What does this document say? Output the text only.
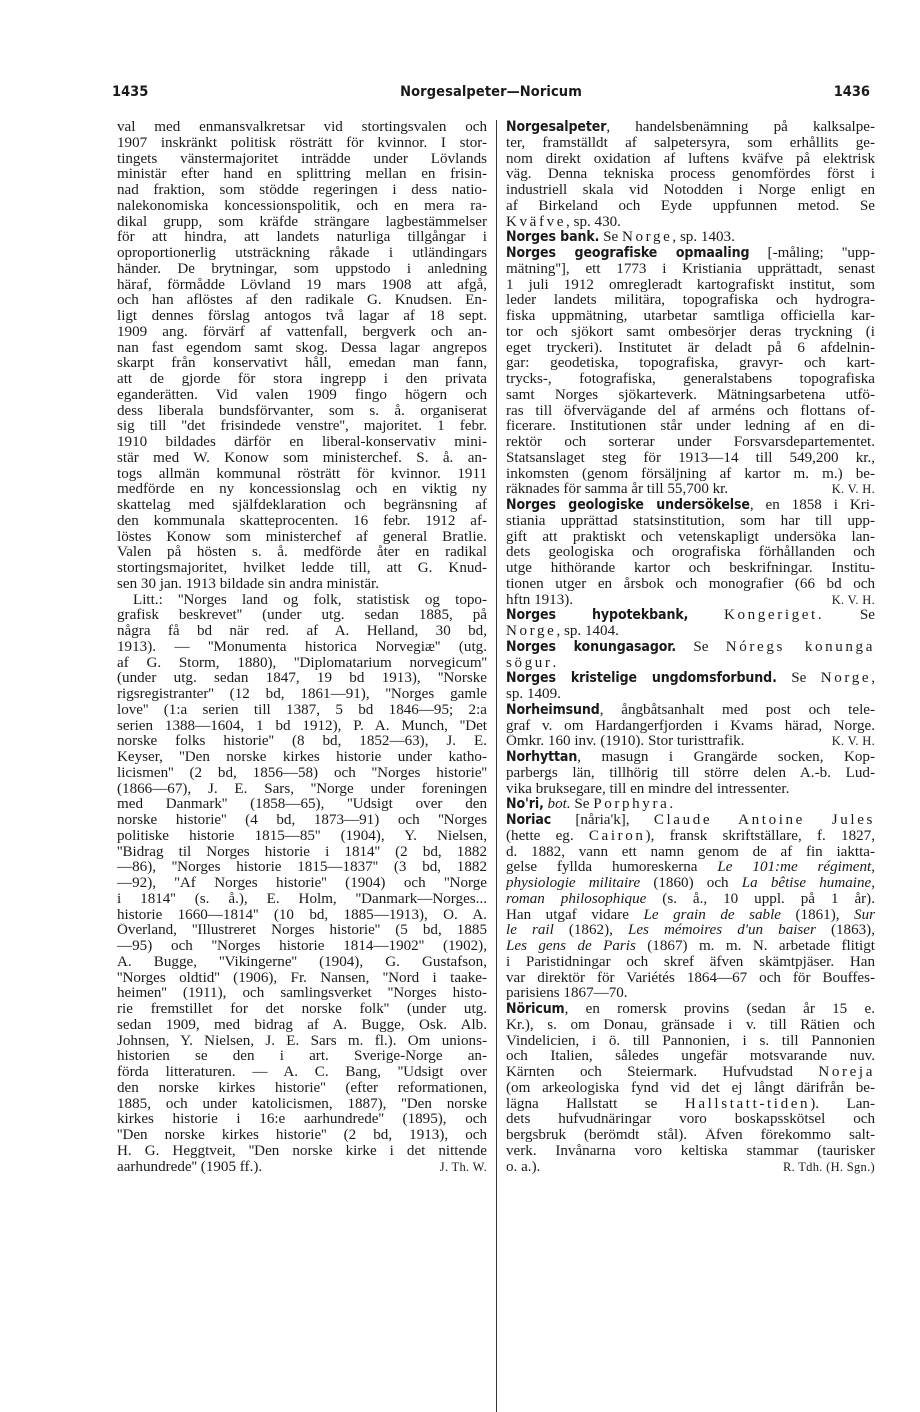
1435	Norgesalpeter—Noricum	1436
val med enmansvalkretsar vid stortingsvalen och
1907 inskränkt politisk rösträtt för kvinnor. I stor-
tingets vänstermajoritet inträdde under Lövlands
ministär efter hand en splittring mellan en frisin-
nad fraktion, som stödde regeringen i dess natio-
nalekonomiska koncessionspolitik, och en mera ra-
dikal grupp, som kräfde strängare lagbestämmelser
för att hindra, att landets naturliga tillgångar i
oproportionerlig utsträckning råkade i utländingars
händer. De brytningar, som uppstodo i anledning
häraf, förmådde Lövland 19 mars 1908 att afgå,
och han aflöstes af den radikale G. Knudsen. En-
ligt dennes förslag antogos två lagar af 18 sept.
1909 ang. förvärf af vattenfall, bergverk och an-
nan fast egendom samt skog. Dessa lagar angrepos
skarpt från konservativt håll, emedan man fann,
att de gjorde för stora ingrepp i den privata
eganderätten. Vid valen 1909 fingo högern och
dess liberala bundsförvanter, som s. å. organiserat
sig till ''det frisindede venstre'', majoritet. 1 febr.
1910 bildades därför en liberal-konservativ mini-
stär med W. Konow som ministerchef. S. å. an-
togs allmän kommunal rösträtt för kvinnor. 1911
medförde en ny koncessionslag och en viktig ny
skattelag med själfdeklaration och begränsning af
den kommunala skatteprocenten. 16 febr. 1912 af-
löstes Konow som ministerchef af general Bratlie.
Valen på hösten s. å. medförde åter en radikal
stortingsmajoritet, hvilket ledde till, att G. Knud-
sen 30 jan. 1913 bildade sin andra ministär.
Litt.: ''Norges land og folk, statistisk og topo-
grafisk beskrevet'' (under utg. sedan 1885, på
några få bd när red. af A. Helland, 30 bd,
1913). — ''Monumenta historica Norvegiæ'' (utg.
af G. Storm, 1880), ''Diplomatarium norvegicum''
(under utg. sedan 1847, 19 bd 1913), ''Norske
rigsregistranter'' (12 bd, 1861—91), ''Norges gamle
love'' (1:a serien till 1387, 5 bd 1846—95; 2:a
serien 1388—1604, 1 bd 1912), P. A. Munch, ''Det
norske folks historie'' (8 bd, 1852—63), J. E.
Keyser, ''Den norske kirkes historie under katho-
licismen'' (2 bd, 1856—58) och ''Norges historie''
(1866—67), J. E. Sars, ''Norge under foreningen
med Danmark'' (1858—65), ''Udsigt over den
norske historie'' (4 bd, 1873—91) och ''Norges
politiske historie 1815—85'' (1904), Y. Nielsen,
''Bidrag til Norges historie i 1814'' (2 bd, 1882
—86), ''Norges historie 1815—1837'' (3 bd, 1882
—92), ''Af Norges historie'' (1904) och ''Norge
i 1814'' (s. å.), E. Holm, ''Danmark—Norges...
historie 1660—1814'' (10 bd, 1885—1913), O. A.
Överland, ''Illustreret Norges historie'' (5 bd, 1885
—95) och ''Norges historie 1814—1902'' (1902),
A. Bugge, ''Vikingerne'' (1904), G. Gustafson,
''Norges oldtid'' (1906), Fr. Nansen, ''Nord i taake-
heimen'' (1911), och samlingsverket ''Norges histo-
rie fremstillet for det norske folk'' (under utg.
sedan 1909, med bidrag af A. Bugge, Osk. Alb.
Johnsen, Y. Nielsen, J. E. Sars m. fl.). Om unions-
historien se den i art. Sverige-Norge an-
förda litteraturen. — A. C. Bang, ''Udsigt over
den norske kirkes historie'' (efter reformationen,
1885, och under katolicismen, 1887), ''Den norske
kirkes historie i 16:e aarhundrede'' (1895), och
''Den norske kirkes historie'' (2 bd, 1913), och
H. G. Heggtveit, ''Den norske kirke i det nittende
aarhundrede'' (1905 ff.).	J. Th. W.
Norgesalpeter, handelsbenämning på kalksalpe-
ter, framställdt af salpetersyra, som erhållits ge-
nom direkt oxidation af luftens kväfve på elektrisk
väg. Denna tekniska process genomfördes först i
industriell skala vid Notodden i Norge enligt en
af Birkeland och Eyde uppfunnen metod. Se
Kväfve, sp. 430.
Norges bank. Se Norge, sp. 1403.
Norges geografiske opmaaling [-måling; ''upp-
mätning''], ett 1773 i Kristiania upprättadt, senast
1 juli 1912 omregleradt kartografiskt institut, som
leder landets militära, topografiska och hydrogra-
fiska uppmätning, utarbetar samtliga officiella kar-
tor och sjökort samt ombesörjer deras tryckning (i
eget tryckeri). Institutet är deladt på 6 afdelnin-
gar: geodetiska, topografiska, gravyr- och kart-
trycks-, fotografiska, generalstabens topografiska
samt Norges sjökarteverk. Mätningsarbetena utfö-
ras till öfvervägande del af arméns och flottans of-
ficerare. Institutionen står under ledning af en di-
rektör och sorterar under Forsvarsdepartementet.
Statsanslaget steg för 1913—14 till 549,200 kr.,
inkomsten (genom försäljning af kartor m. m.) be-
räknades för samma år till 55,700 kr.	K. V. H.
Norges geologiske undersökelse, en 1858 i Kri-
stiania upprättad statsinstitution, som har till upp-
gift att praktiskt och vetenskapligt undersöka lan-
dets geologiska och orografiska förhållanden och
utge hithörande kartor och beskrifningar. Institu-
tionen utger en årsbok och monografier (66 bd och
hftn 1913).	K. V. H.
Norges hypotekbank, Kongeriget. Se
Norge, sp. 1404.
Norges konungasagor. Se Nóregs konunga
sögur.
Norges kristelige ungdomsforbund. Se Norge,
sp. 1409.
Norheimsund, ångbåtsanhalt med post och tele-
graf v. om Hardangerfjorden i Kvams härad, Norge.
Ömkr. 160 inv. (1910). Stor turisttrafik.	K. V. H.
Norhyttan, masugn i Grangärde socken, Kop-
parbergs län, tillhörig till större delen A.-b. Lud-
vika bruksegare, till en mindre del intressenter.
No'ri, bot. Se Porphyra.
Noriac [nåria'k], Claude Antoine Jules
(hette eg. Cairon), fransk skriftställare, f. 1827,
d. 1882, vann ett namn genom de af fin iaktta-
gelse fyllda humoreskerna Le 101:me régiment,
physiologie militaire (1860) och La bêtise humaine,
roman philosophique (s. å., 10 uppl. på 1 år).
Han utgaf vidare Le grain de sable (1861), Sur
le rail (1862), Les mémoires d'un baiser (1863),
Les gens de Paris (1867) m. m. N. arbetade flitigt
i Paristidningar och skref äfven skämtpjäser. Han
var direktör för Variétés 1864—67 och för Bouffes-
parisiens 1867—70.
Nöricum, en romersk provins (sedan år 15 e.
Kr.), s. om Donau, gränsade i v. till Rätien och
Vindelicien, i ö. till Pannonien, i s. till Pannonien
och Italien, således ungefär motsvarande nuv.
Kärnten och Steiermark. Hufvudstad Noreja
(om arkeologiska fynd vid det ej långt därifrån be-
lägna Hallstatt se Hallstatt-tiden). Lan-
dets hufvudnäringar voro boskapsskötsel och
bergsbruk (berömdt stål). Äfven förekommo salt-
verk. Invånarna voro keltiska stammar (taurisker
o. a.).	R. Tdh. (H. Sgn.)
